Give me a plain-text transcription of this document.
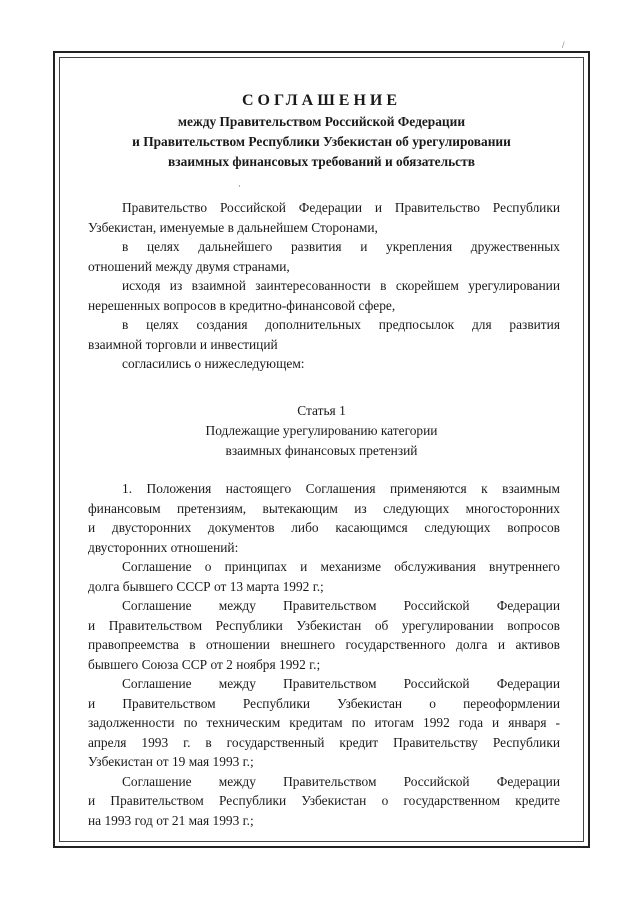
/
·
СОГЛАШЕНИЕ
между Правительством Российской Федерации
и Правительством Республики Узбекистан об урегулировании
взаимных финансовых требований и обязательств
Правительство Российской Федерации и Правительство Республики
Узбекистан, именуемые в дальнейшем Сторонами,
в целях дальнейшего развития и укрепления дружественных
отношений между двумя странами,
исходя из взаимной заинтересованности в скорейшем урегулировании
нерешенных вопросов в кредитно-финансовой сфере,
в целях создания дополнительных предпосылок для развития
взаимной торговли и инвестиций
согласились о нижеследующем:
Статья 1
Подлежащие урегулированию категории
взаимных финансовых претензий
1. Положения настоящего Соглашения применяются к взаимным
финансовым претензиям, вытекающим из следующих многосторонних
и двусторонних документов либо касающимся следующих вопросов
двусторонних отношений:
Соглашение о принципах и механизме обслуживания внутреннего
долга бывшего СССР от 13 марта 1992 г.;
Соглашение между Правительством Российской Федерации
и Правительством Республики Узбекистан об урегулировании вопросов
правопреемства в отношении внешнего государственного долга и активов
бывшего Союза ССР от 2 ноября 1992 г.;
Соглашение между Правительством Российской Федерации
и Правительством Республики Узбекистан о переоформлении
задолженности по техническим кредитам по итогам 1992 года и января -
апреля 1993 г. в государственный кредит Правительству Республики
Узбекистан от 19 мая 1993 г.;
Соглашение между Правительством Российской Федерации
и Правительством Республики Узбекистан о государственном кредите
на 1993 год от 21 мая 1993 г.;
